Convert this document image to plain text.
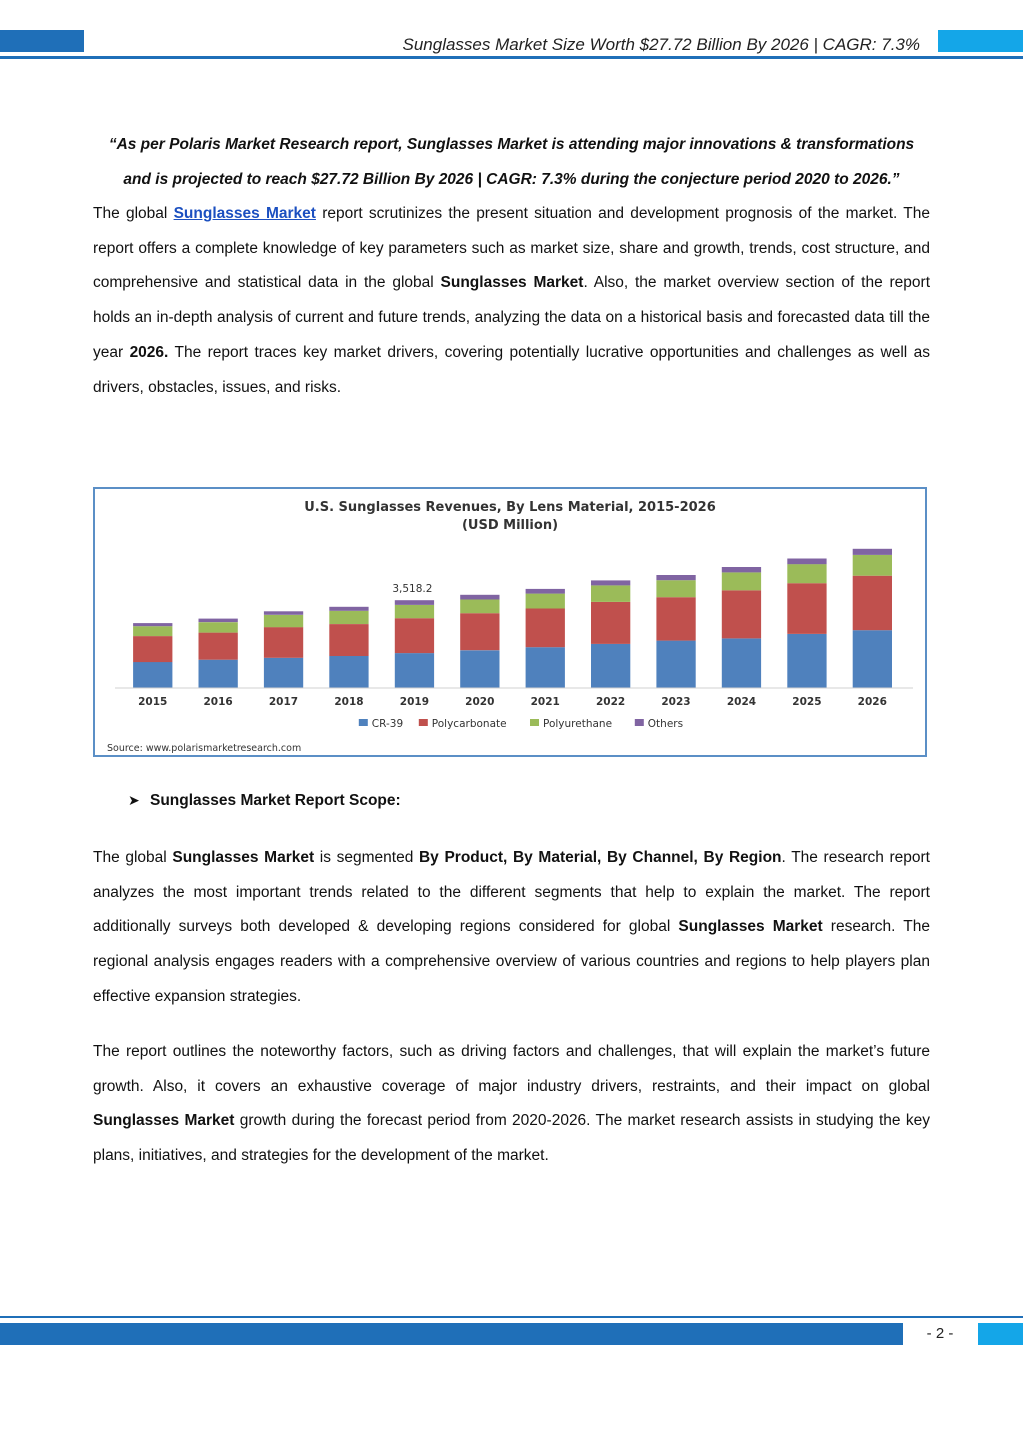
Sunglasses Market Size Worth $27.72 Billion By 2026 | CAGR: 7.3%

“As per Polaris Market Research report, Sunglasses Market is attending major innovations & transformations and is projected to reach $27.72 Billion By 2026 | CAGR: 7.3% during the conjecture period 2020 to 2026.”

The global Sunglasses Market report scrutinizes the present situation and development prognosis of the market. The report offers a complete knowledge of key parameters such as market size, share and growth, trends, cost structure, and comprehensive and statistical data in the global Sunglasses Market. Also, the market overview section of the report holds an in-depth analysis of current and future trends, analyzing the data on a historical basis and forecasted data till the year 2026. The report traces key market drivers, covering potentially lucrative opportunities and challenges as well as drivers, obstacles, issues, and risks.

U.S. Sunglasses Revenues, By Lens Material, 2015-2026
(USD Million)
2015	2016	2017	2018	2019	2020	2021	2022	2023	2024	2025	2026
3,518.2
CR-39	Polycarbonate	Polyurethane	Others
Source: www.polarismarketresearch.com
➤ Sunglasses Market Report Scope:

The global Sunglasses Market is segmented By Product, By Material, By Channel, By Region. The research report analyzes the most important trends related to the different segments that help to explain the market. The report additionally surveys both developed & developing regions considered for global Sunglasses Market research. The regional analysis engages readers with a comprehensive overview of various countries and regions to help players plan effective expansion strategies.

The report outlines the noteworthy factors, such as driving factors and challenges, that will explain the market’s future growth. Also, it covers an exhaustive coverage of major industry drivers, restraints, and their impact on global Sunglasses Market growth during the forecast period from 2020-2026. The market research assists in studying the key plans, initiatives, and strategies for the development of the market.

- 2 -
